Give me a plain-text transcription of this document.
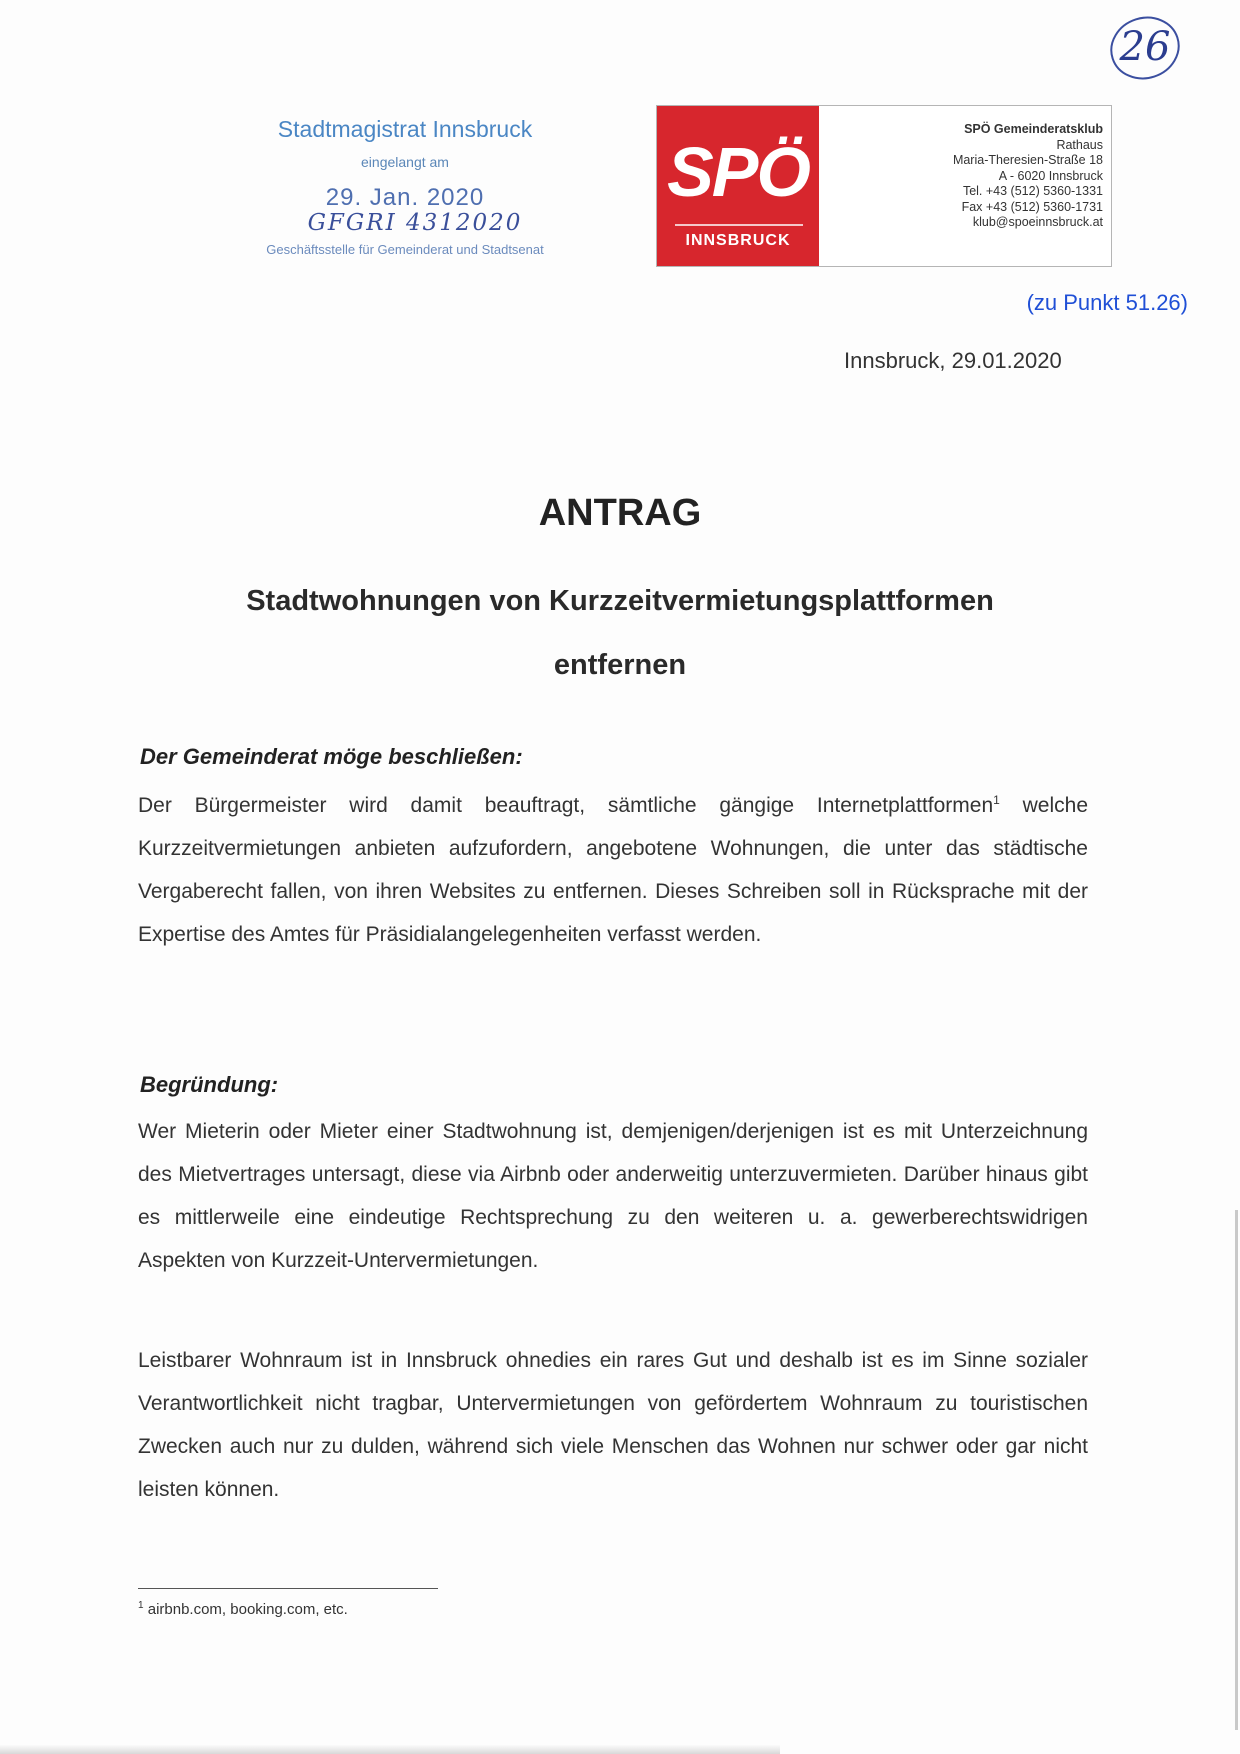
26
Stadtmagistrat Innsbruck
eingelangt am
29. Jan. 2020
GFGRI 4312020
Geschäftsstelle für Gemeinderat und Stadtsenat
SPÖ
INNSBRUCK
SPÖ Gemeinderatsklub
Rathaus
Maria-Theresien-Straße 18
A - 6020 Innsbruck
Tel. +43 (512) 5360-1331
Fax +43 (512) 5360-1731
klub@spoeinnsbruck.at
(zu Punkt 51.26)
Innsbruck, 29.01.2020
ANTRAG
Stadtwohnungen von Kurzzeitvermietungsplattformen
entfernen
Der Gemeinderat möge beschließen:

Der Bürgermeister wird damit beauftragt, sämtliche gängige Internetplattformen$^1$ welche Kurzzeitvermietungen anbieten aufzufordern, angebotene Wohnungen, die unter das städtische Vergaberecht fallen, von ihren Websites zu entfernen. Dieses Schreiben soll in Rücksprache mit der Expertise des Amtes für Präsidialangelegenheiten verfasst werden.

Begründung:

Wer Mieterin oder Mieter einer Stadtwohnung ist, demjenigen/derjenigen ist es mit Unterzeichnung des Mietvertrages untersagt, diese via Airbnb oder anderweitig unterzuvermieten. Darüber hinaus gibt es mittlerweile eine eindeutige Rechtsprechung zu den weiteren u. a. gewerberechtswidrigen Aspekten von Kurzzeit-Untervermietungen.

Leistbarer Wohnraum ist in Innsbruck ohnedies ein rares Gut und deshalb ist es im Sinne sozialer Verantwortlichkeit nicht tragbar, Untervermietungen von gefördertem Wohnraum zu touristischen Zwecken auch nur zu dulden, während sich viele Menschen das Wohnen nur schwer oder gar nicht leisten können.

$^1$ airbnb.com, booking.com, etc.
